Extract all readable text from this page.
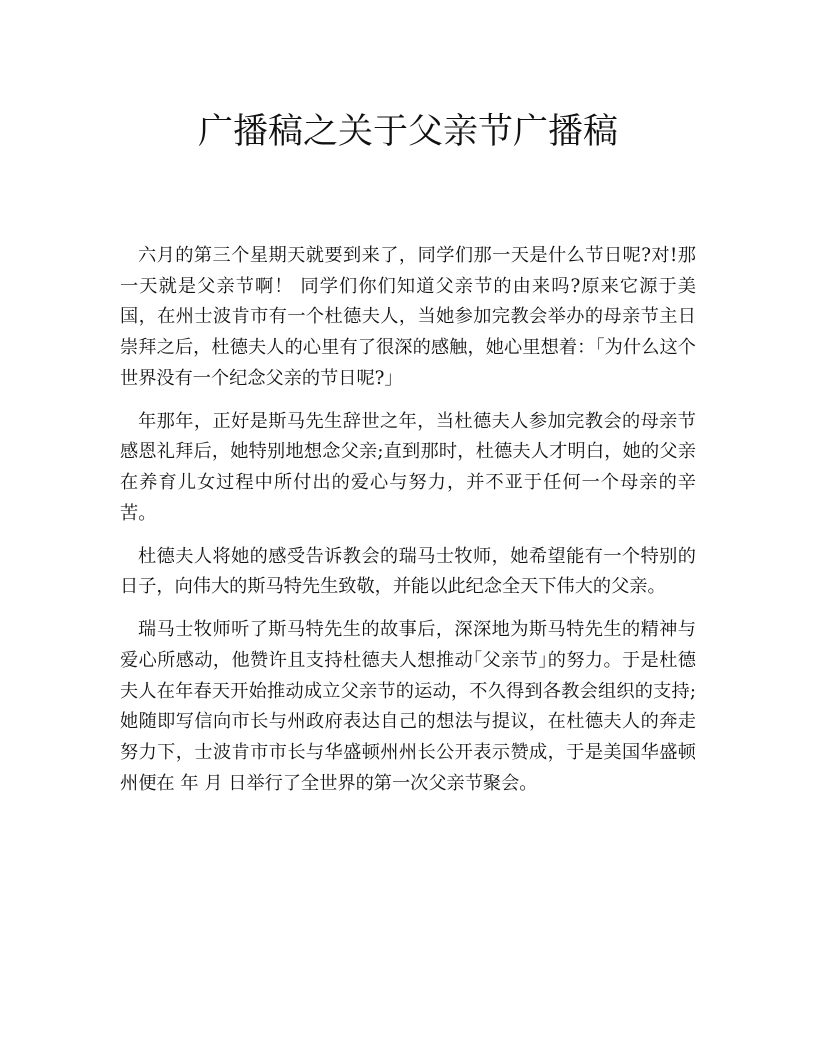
广播稿之关于父亲节广播稿

六月的第三个星期天就要到来了，同学们那一天是什么节日呢?对!那一天就是父亲节啊！ 同学们你们知道父亲节的由来吗?原来它源于美国，在州士波肯市有一个杜德夫人，当她参加完教会举办的母亲节主日崇拜之后，杜德夫人的心里有了很深的感触，她心里想着：｢为什么这个世界没有一个纪念父亲的节日呢?｣

年那年，正好是斯马先生辞世之年，当杜德夫人参加完教会的母亲节感恩礼拜后，她特别地想念父亲;直到那时，杜德夫人才明白，她的父亲在养育儿女过程中所付出的爱心与努力，并不亚于任何一个母亲的辛苦。

杜德夫人将她的感受告诉教会的瑞马士牧师，她希望能有一个特别的日子，向伟大的斯马特先生致敬，并能以此纪念全天下伟大的父亲。

瑞马士牧师听了斯马特先生的故事后，深深地为斯马特先生的精神与爱心所感动，他赞许且支持杜德夫人想推动｢父亲节｣的努力。于是杜德夫人在年春天开始推动成立父亲节的运动，不久得到各教会组织的支持;她随即写信向市长与州政府表达自己的想法与提议，在杜德夫人的奔走努力下，士波肯市市长与华盛顿州州长公开表示赞成，于是美国华盛顿州便在 年 月 日举行了全世界的第一次父亲节聚会。
